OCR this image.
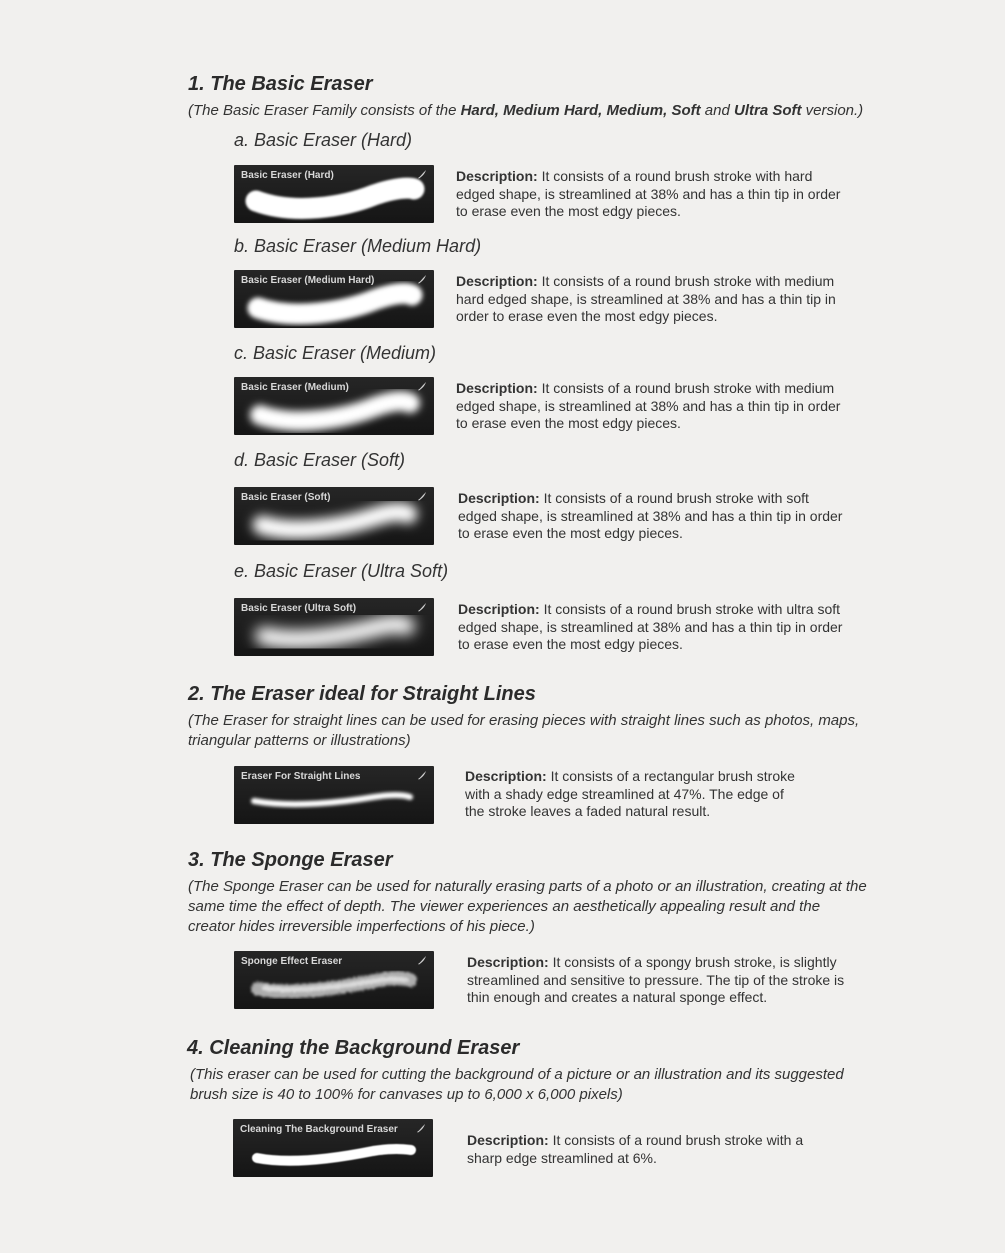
1. The Basic Eraser
(The Basic Eraser Family consists of the Hard, Medium Hard, Medium, Soft and Ultra Soft version.)
a. Basic Eraser (Hard)
Basic Eraser (Hard)	Description: It consists of a round brush stroke with hard edged shape, is streamlined at 38% and has a thin tip in order to erase even the most edgy pieces.
b. Basic Eraser (Medium Hard)
Basic Eraser (Medium Hard)	Description: It consists of a round brush stroke with medium hard edged shape, is streamlined at 38% and has a thin tip in order to erase even the most edgy pieces.
c. Basic Eraser (Medium)
Basic Eraser (Medium)	Description: It consists of a round brush stroke with medium edged shape, is streamlined at 38% and has a thin tip in order to erase even the most edgy pieces.
d. Basic Eraser (Soft)
Basic Eraser (Soft)	Description: It consists of a round brush stroke with soft edged shape, is streamlined at 38% and has a thin tip in order to erase even the most edgy pieces.
e. Basic Eraser (Ultra Soft)
Basic Eraser (Ultra Soft)	Description: It consists of a round brush stroke with ultra soft edged shape, is streamlined at 38% and has a thin tip in order to erase even the most edgy pieces.
2. The Eraser ideal for Straight Lines
(The Eraser for straight lines can be used for erasing pieces with straight lines such as photos, maps, triangular patterns or illustrations)
Eraser For Straight Lines	Description: It consists of a rectangular brush stroke with a shady edge streamlined at 47%. The edge of the stroke leaves a faded natural result.
3. The Sponge Eraser
(The Sponge Eraser can be used for naturally erasing parts of a photo or an illustration, creating at the same time the effect of depth. The viewer experiences an aesthetically appealing result and the creator hides irreversible imperfections of his piece.)
Sponge Effect Eraser	Description: It consists of a spongy brush stroke, is slightly streamlined and sensitive to pressure. The tip of the stroke is thin enough and creates a natural sponge effect.
4. Cleaning the Background Eraser
(This eraser can be used for cutting the background of a picture or an illustration and its suggested brush size is 40 to 100% for canvases up to 6,000 x 6,000 pixels)
Cleaning The Background Eraser
Description: It consists of a round brush stroke with a sharp edge streamlined at 6%.
